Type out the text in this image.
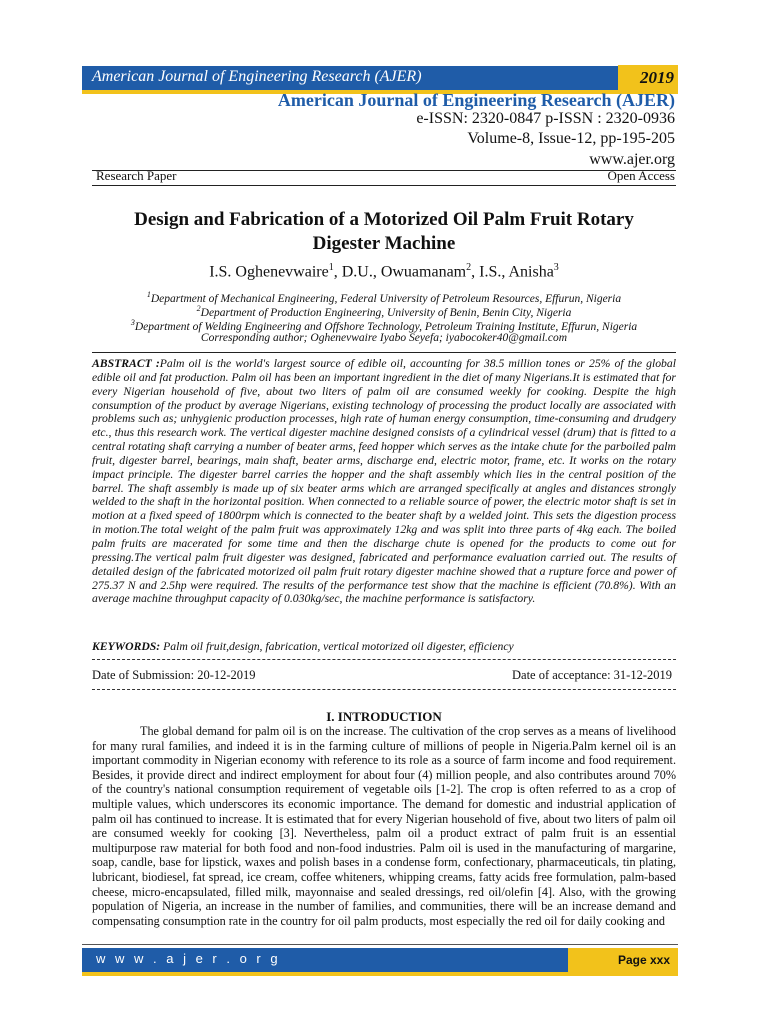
American Journal of Engineering Research (AJER)	2019
American Journal of Engineering Research (AJER)
e-ISSN: 2320-0847 p-ISSN : 2320-0936
Volume-8, Issue-12, pp-195-205
www.ajer.org
Research Paper	Open Access
Design and Fabrication of a Motorized Oil Palm Fruit Rotary Digester Machine
I.S. Oghenevwaire$^1$, D.U., Owuamanam$^2$, I.S., Anisha$^3$
$^1$Department of Mechanical Engineering, Federal University of Petroleum Resources, Effurun, Nigeria
$^2$Department of Production Engineering, University of Benin, Benin City, Nigeria
$^3$Department of Welding Engineering and Offshore Technology, Petroleum Training Institute, Effurun, Nigeria
Corresponding author; Oghenevwaire Iyabo Seyefa; iyabocoker40@gmail.com
ABSTRACT :Palm oil is the world's largest source of edible oil, accounting for 38.5 million tones or 25% of the global edible oil and fat production. Palm oil has been an important ingredient in the diet of many Nigerians.It is estimated that for every Nigerian household of five, about two liters of palm oil are consumed weekly for cooking. Despite the high consumption of the product by average Nigerians, existing technology of processing the product locally are associated with problems such as; unhygienic production processes, high rate of human energy consumption, time-consuming and drudgery etc., thus this research work. The vertical digester machine designed consists of a cylindrical vessel (drum) that is fitted to a central rotating shaft carrying a number of beater arms, feed hopper which serves as the intake chute for the parboiled palm fruit, digester barrel, bearings, main shaft, beater arms, discharge end, electric motor, frame, etc. It works on the rotary impact principle. The digester barrel carries the hopper and the shaft assembly which lies in the central position of the barrel. The shaft assembly is made up of six beater arms which are arranged specifically at angles and distances strongly welded to the shaft in the horizontal position. When connected to a reliable source of power, the electric motor shaft is set in motion at a fixed speed of 1800rpm which is connected to the beater shaft by a welded joint. This sets the digestion process in motion.The total weight of the palm fruit was approximately 12kg and was split into three parts of 4kg each. The boiled palm fruits are macerated for some time and then the discharge chute is opened for the products to come out for pressing.The vertical palm fruit digester was designed, fabricated and performance evaluation carried out. The results of detailed design of the fabricated motorized oil palm fruit rotary digester machine showed that a rupture force and power of 275.37 N and 2.5hp were required. The results of the performance test show that the machine is efficient (70.8%). With an average machine throughput capacity of 0.030kg/sec, the machine performance is satisfactory.
KEYWORDS: Palm oil fruit,design, fabrication, vertical motorized oil digester, efficiency
Date of Submission: 20-12-2019	Date of acceptance: 31-12-2019
I. INTRODUCTION

The global demand for palm oil is on the increase. The cultivation of the crop serves as a means of livelihood for many rural families, and indeed it is in the farming culture of millions of people in Nigeria.Palm kernel oil is an important commodity in Nigerian economy with reference to its role as a source of farm income and food requirement. Besides, it provide direct and indirect employment for about four (4) million people, and also contributes around 70% of the country's national consumption requirement of vegetable oils [1-2]. The crop is often referred to as a crop of multiple values, which underscores its economic importance. The demand for domestic and industrial application of palm oil has continued to increase. It is estimated that for every Nigerian household of five, about two liters of palm oil are consumed weekly for cooking [3]. Nevertheless, palm oil a product extract of palm fruit is an essential multipurpose raw material for both food and non-food industries. Palm oil is used in the manufacturing of margarine, soap, candle, base for lipstick, waxes and polish bases in a condense form, confectionary, pharmaceuticals, tin plating, lubricant, biodiesel, fat spread, ice cream, coffee whiteners, whipping creams, fatty acids free formulation, palm-based cheese, micro-encapsulated, filled milk, mayonnaise and sealed dressings, red oil/olefin [4]. Also, with the growing population of Nigeria, an increase in the number of families, and communities, there will be an increase demand and compensating consumption rate in the country for oil palm products, most especially the red oil for daily cooking and

w w w . a j e r . o r g	Page xxx
